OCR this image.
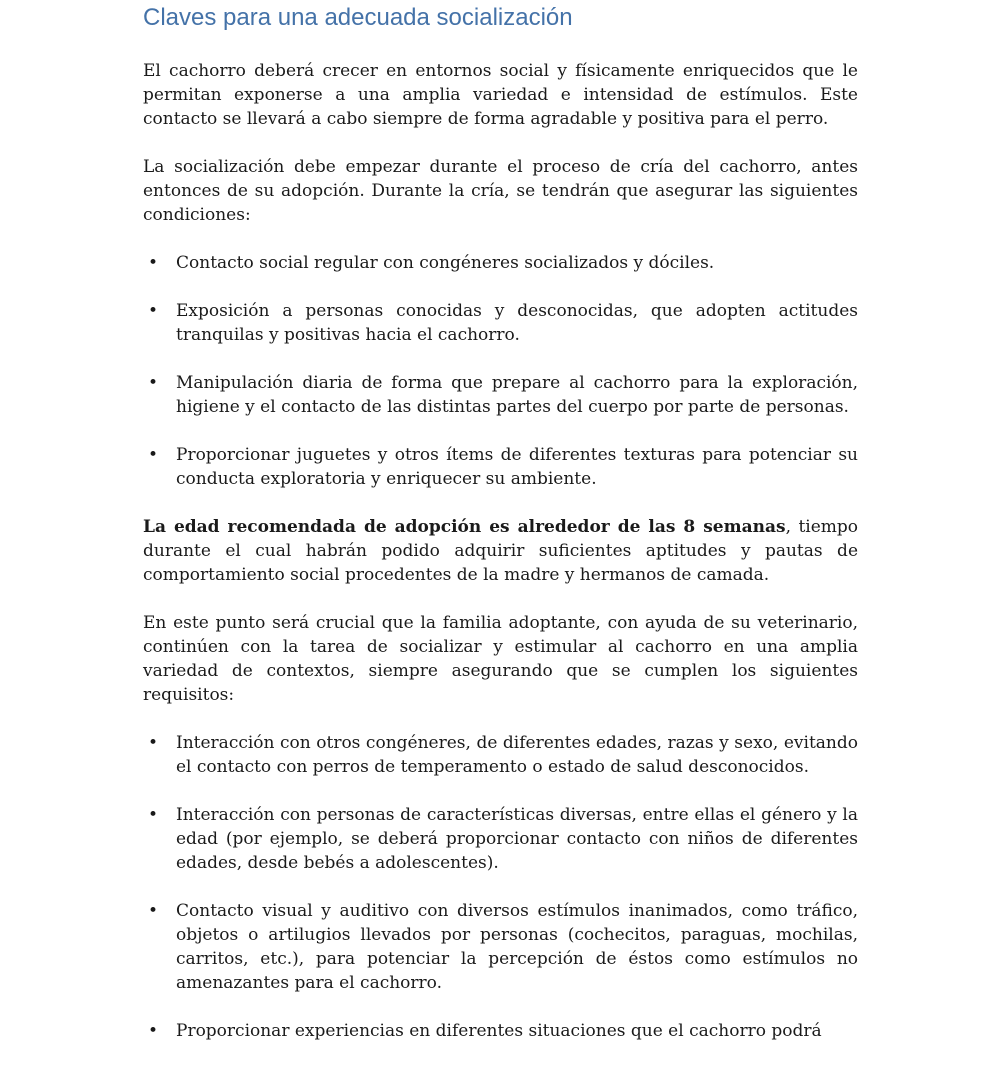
Claves para una adecuada socialización

El cachorro deberá crecer en entornos social y físicamente enriquecidos que le permitan exponerse a una amplia variedad e intensidad de estímulos. Este contacto se llevará a cabo siempre de forma agradable y positiva para el perro.

La socialización debe empezar durante el proceso de cría del cachorro, antes entonces de su adopción. Durante la cría, se tendrán que asegurar las siguientes condiciones:

• Contacto social regular con congéneres socializados y dóciles.
• Exposición a personas conocidas y desconocidas, que adopten actitudes tranquilas y positivas hacia el cachorro.
• Manipulación diaria de forma que prepare al cachorro para la exploración, higiene y el contacto de las distintas partes del cuerpo por parte de personas.
• Proporcionar juguetes y otros ítems de diferentes texturas para potenciar su conducta exploratoria y enriquecer su ambiente.

La edad recomendada de adopción es alrededor de las 8 semanas, tiempo durante el cual habrán podido adquirir suficientes aptitudes y pautas de comportamiento social procedentes de la madre y hermanos de camada.

En este punto será crucial que la familia adoptante, con ayuda de su veterinario, continúen con la tarea de socializar y estimular al cachorro en una amplia variedad de contextos, siempre asegurando que se cumplen los siguientes requisitos:

• Interacción con otros congéneres, de diferentes edades, razas y sexo, evitando el contacto con perros de temperamento o estado de salud desconocidos.
• Interacción con personas de características diversas, entre ellas el género y la edad (por ejemplo, se deberá proporcionar contacto con niños de diferentes edades, desde bebés a adolescentes).
• Contacto visual y auditivo con diversos estímulos inanimados, como tráfico, objetos o artilugios llevados por personas (cochecitos, paraguas, mochilas, carritos, etc.), para potenciar la percepción de éstos como estímulos no amenazantes para el cachorro.
• Proporcionar experiencias en diferentes situaciones que el cachorro podrá
